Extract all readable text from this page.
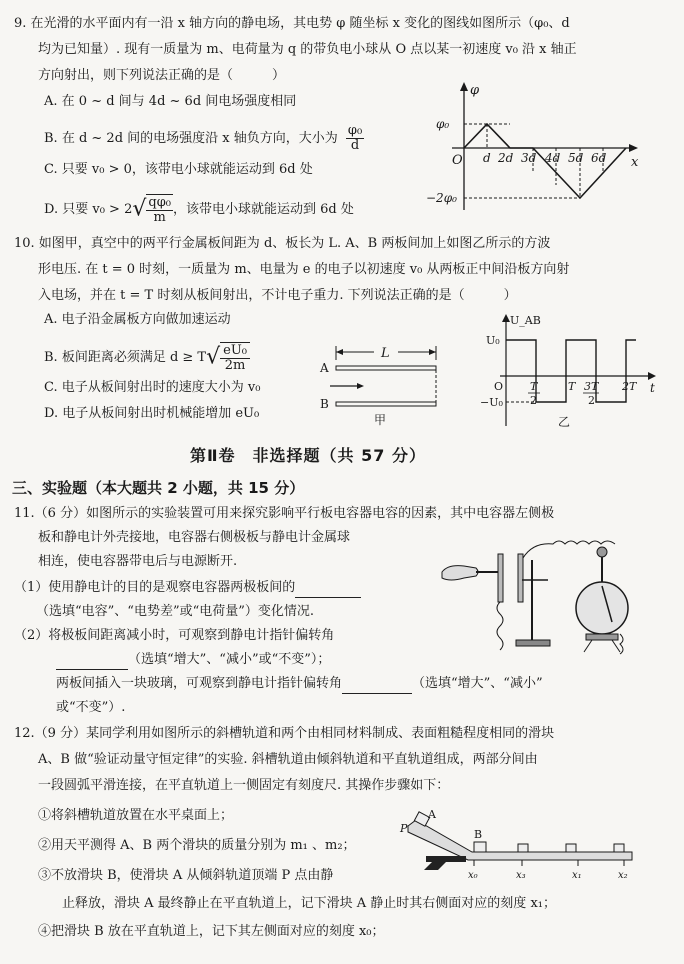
9. 在光滑的水平面内有一沿 x 轴方向的静电场，其电势 φ 随坐标 x 变化的图线如图所示（φ₀、d
均为已知量）. 现有一质量为 m、电荷量为 q 的带负电小球从 O 点以某一初速度 v₀ 沿 x 轴正
方向射出，则下列说法正确的是（　　　）
A. 在 0 ~ d 间与 4d ~ 6d 间电场强度相同
B. 在 d ~ 2d 间的电场强度沿 x 轴负方向，大小为 $\frac{\text{φ₀}}{d}$
C. 只要 v₀ > 0，该带电小球就能运动到 6d 处
D. 只要 $v_0 > 2√ \frac{\text{qφ₀}}{m}$ ，该带电小球就能运动到 6d 处
φ
x
O
φ₀
−2φ₀
d 2d 3d 4d 5d 6d
10. 如图甲，真空中的两平行金属板间距为 d、板长为 L. A、B 两板间加上如图乙所示的方波
形电压. 在 t = 0 时刻，一质量为 m、电量为 e 的电子以初速度 v₀ 从两板正中间沿板方向射
入电场，并在 t = T 时刻从板间射出，不计电子重力. 下列说法正确的是（　　　）
A. 电子沿金属板方向做加速运动
B. 板间距离必须满足 $d \ge T√ \frac{\text{eU₀}}{2m}$
C. 电子从板间射出时的速度大小为 v₀
D. 电子从板间射出时机械能增加 eU₀
L
A
B
甲
U_AB
t
U₀
−U₀
O T
2
T 3T
2
2T
乙
第Ⅱ卷　非选择题（共 57 分）
三、实验题（本大题共 2 小题，共 15 分）
11.（6 分）如图所示的实验装置可用来探究影响平行板电容器电容的因素，其中电容器左侧极
板和静电计外壳接地，电容器右侧极板与静电计金属球
相连，使电容器带电后与电源断开.
（1）使用静电计的目的是观察电容器两极板间的
（选填“电容”、“电势差”或“电荷量”）变化情况.
（2）将极板间距离减小时，可观察到静电计指针偏转角
（选填“增大”、“减小”或“不变”）；
两板间插入一块玻璃，可观察到静电计指针偏转角	（选填“增大”、“减小”
或“不变”）.
12.（9 分）某同学利用如图所示的斜槽轨道和两个由相同材料制成、表面粗糙程度相同的滑块
A、B 做“验证动量守恒定律”的实验. 斜槽轨道由倾斜轨道和平直轨道组成，两部分间由
一段圆弧平滑连接，在平直轨道上一侧固定有刻度尺. 其操作步骤如下：
①将斜槽轨道放置在水平桌面上；
②用天平测得 A、B 两个滑块的质量分别为 m₁ 、m₂；
③不放滑块 B，使滑块 A 从倾斜轨道顶端 P 点由静
止释放，滑块 A 最终静止在平直轨道上，记下滑块 A 静止时其右侧面对应的刻度 x₁；
④把滑块 B 放在平直轨道上，记下其左侧面对应的刻度 x₀；
A
P	B
x₀	x₃	x₁	x₂
